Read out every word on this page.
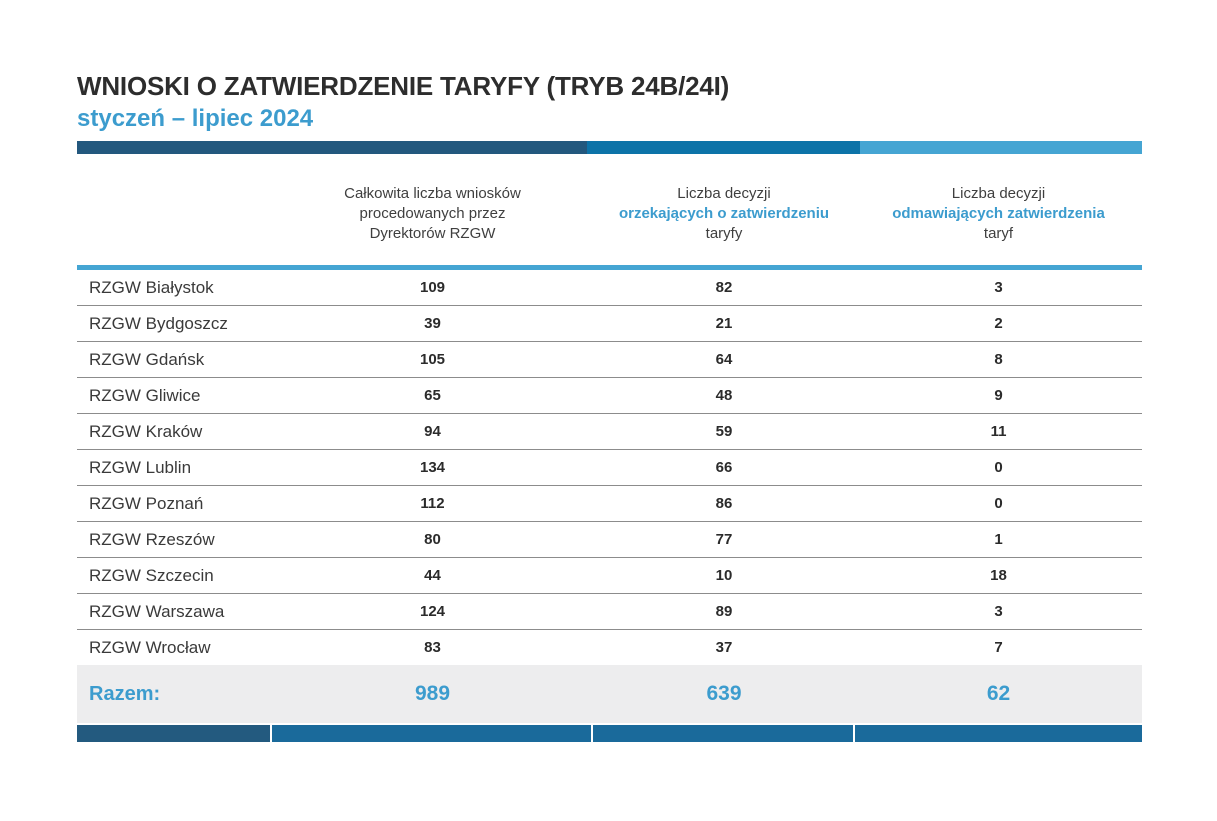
WNIOSKI O ZATWIERDZENIE TARYFY (TRYB 24B/24I)
styczeń – lipiec 2024

	Całkowita liczba wniosków
procedowanych przez
Dyrektorów RZGW	Liczba decyzji
orzekających o zatwierdzeniu
taryfy	Liczba decyzji
odmawiających zatwierdzenia
taryf

RZGW Białystok	109	82	3
RZGW Bydgoszcz	39	21	2
RZGW Gdańsk	105	64	8
RZGW Gliwice	65	48	9
RZGW Kraków	94	59	11
RZGW Lublin	134	66	0
RZGW Poznań	112	86	0
RZGW Rzeszów	80	77	1
RZGW Szczecin	44	10	18
RZGW Warszawa	124	89	3
RZGW Wrocław	83	37	7
Razem:	989	639	62
